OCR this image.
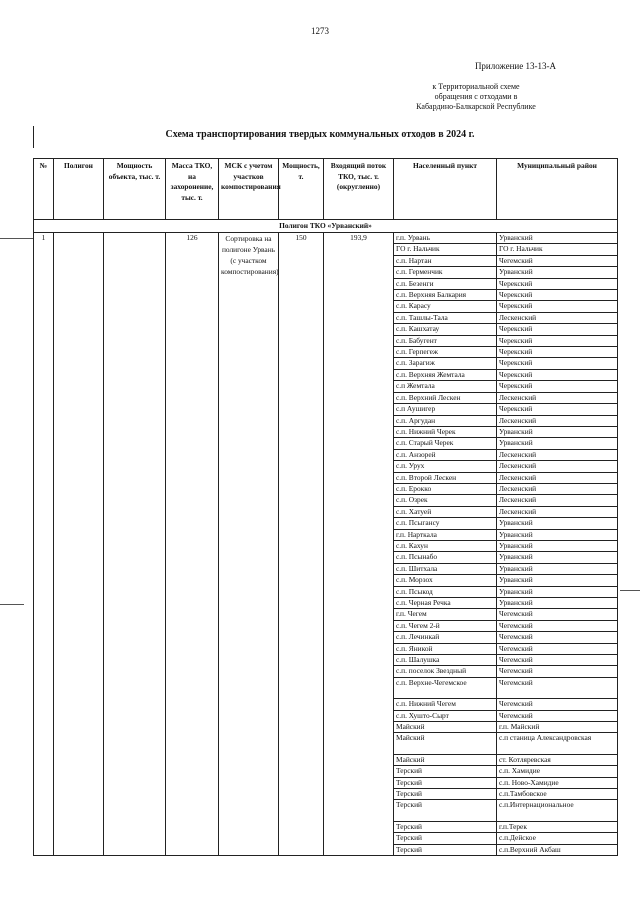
1273
Приложение 13-13-А
к Территориальной схеме
обращения с отходами в
Кабардино-Балкарской Республике
Схема транспортирования твердых коммунальных отходов в 2024 г.
№	Полигон	Мощность объекта, тыс. т.	Масса ТКО, на захоронение, тыс. т.	МСК с учетом участков компостирования	Мощность, т.	Входящий поток ТКО, тыс. т. (округленно)	Населенный пункт	Муниципальный район
Полигон ТКО «Урванский»								
1			126	Сортировка на полигоне Урвань (с участком компостирования)	150	193,9	г.п. Урвань	Урванский
							ГО г. Нальчик	ГО г. Нальчик
							с.п. Нартан	Чегемский
							с.п. Герменчик	Урванский
							с.п. Безенги	Черекский
							с.п. Верхняя Балкария	Черекский
							с.п. Карасу	Черекский
							с.п. Ташлы-Тала	Лескенский
							с.п. Кашхатау	Черекский
							с.п. Бабугент	Черекский
							с.п. Герпегеж	Черекский
							с.п. Зарагиж	Черекский
							с.п. Верхняя Жемтала	Черекский
							с.п Жемтала	Черекский
							с.п. Верхний Лескен	Лескенский
							с.п Аушигер	Черекский
							с.п. Аргудан	Лескенский
							с.п. Нижний Черек	Урванский
							с.п. Старый Черек	Урванский
							с.п. Анзорей	Лескенский
							с.п. Урух	Лескенский
							с.п. Второй Лескен	Лескенский
							с.п. Ерокко	Лескенский
							с.п. Озрек	Лескенский
							с.п. Хатуей	Лескенский
							с.п. Псыгансу	Урванский
							г.п. Нарткала	Урванский
							с.п. Кахун	Урванский
							с.п. Псынабо	Урванский
							с.п. Шитхала	Урванский
							с.п. Морзох	Урванский
							с.п. Псыкод	Урванский
							с.п. Черная Речка	Урванский
							г.п. Чегем	Чегемский
							с.п. Чегем 2-й	Чегемский
							с.п. Лечинкай	Чегемский
							с.п. Яникой	Чегемский
							с.п. Шалушка	Чегемский
							с.п. поселок Звездный	Чегемский
							с.п. Верхне-Чегемское	Чегемский
							с.п. Нижний Чегем	Чегемский
							с.п. Хушто-Сырт	Чегемский
							Майский	г.п. Майский
							Майский	с.п станица Александровская
							Майский	ст. Котляревская
							Терский	с.п. Хамидие
							Терский	с.п. Ново-Хамидие
							Терский	с.п.Тамбовское
							Терский	с.п.Интернациональное
							Терский	г.п.Терек
							Терский	с.п.Дейское
							Терский	с.п.Верхний Акбаш
